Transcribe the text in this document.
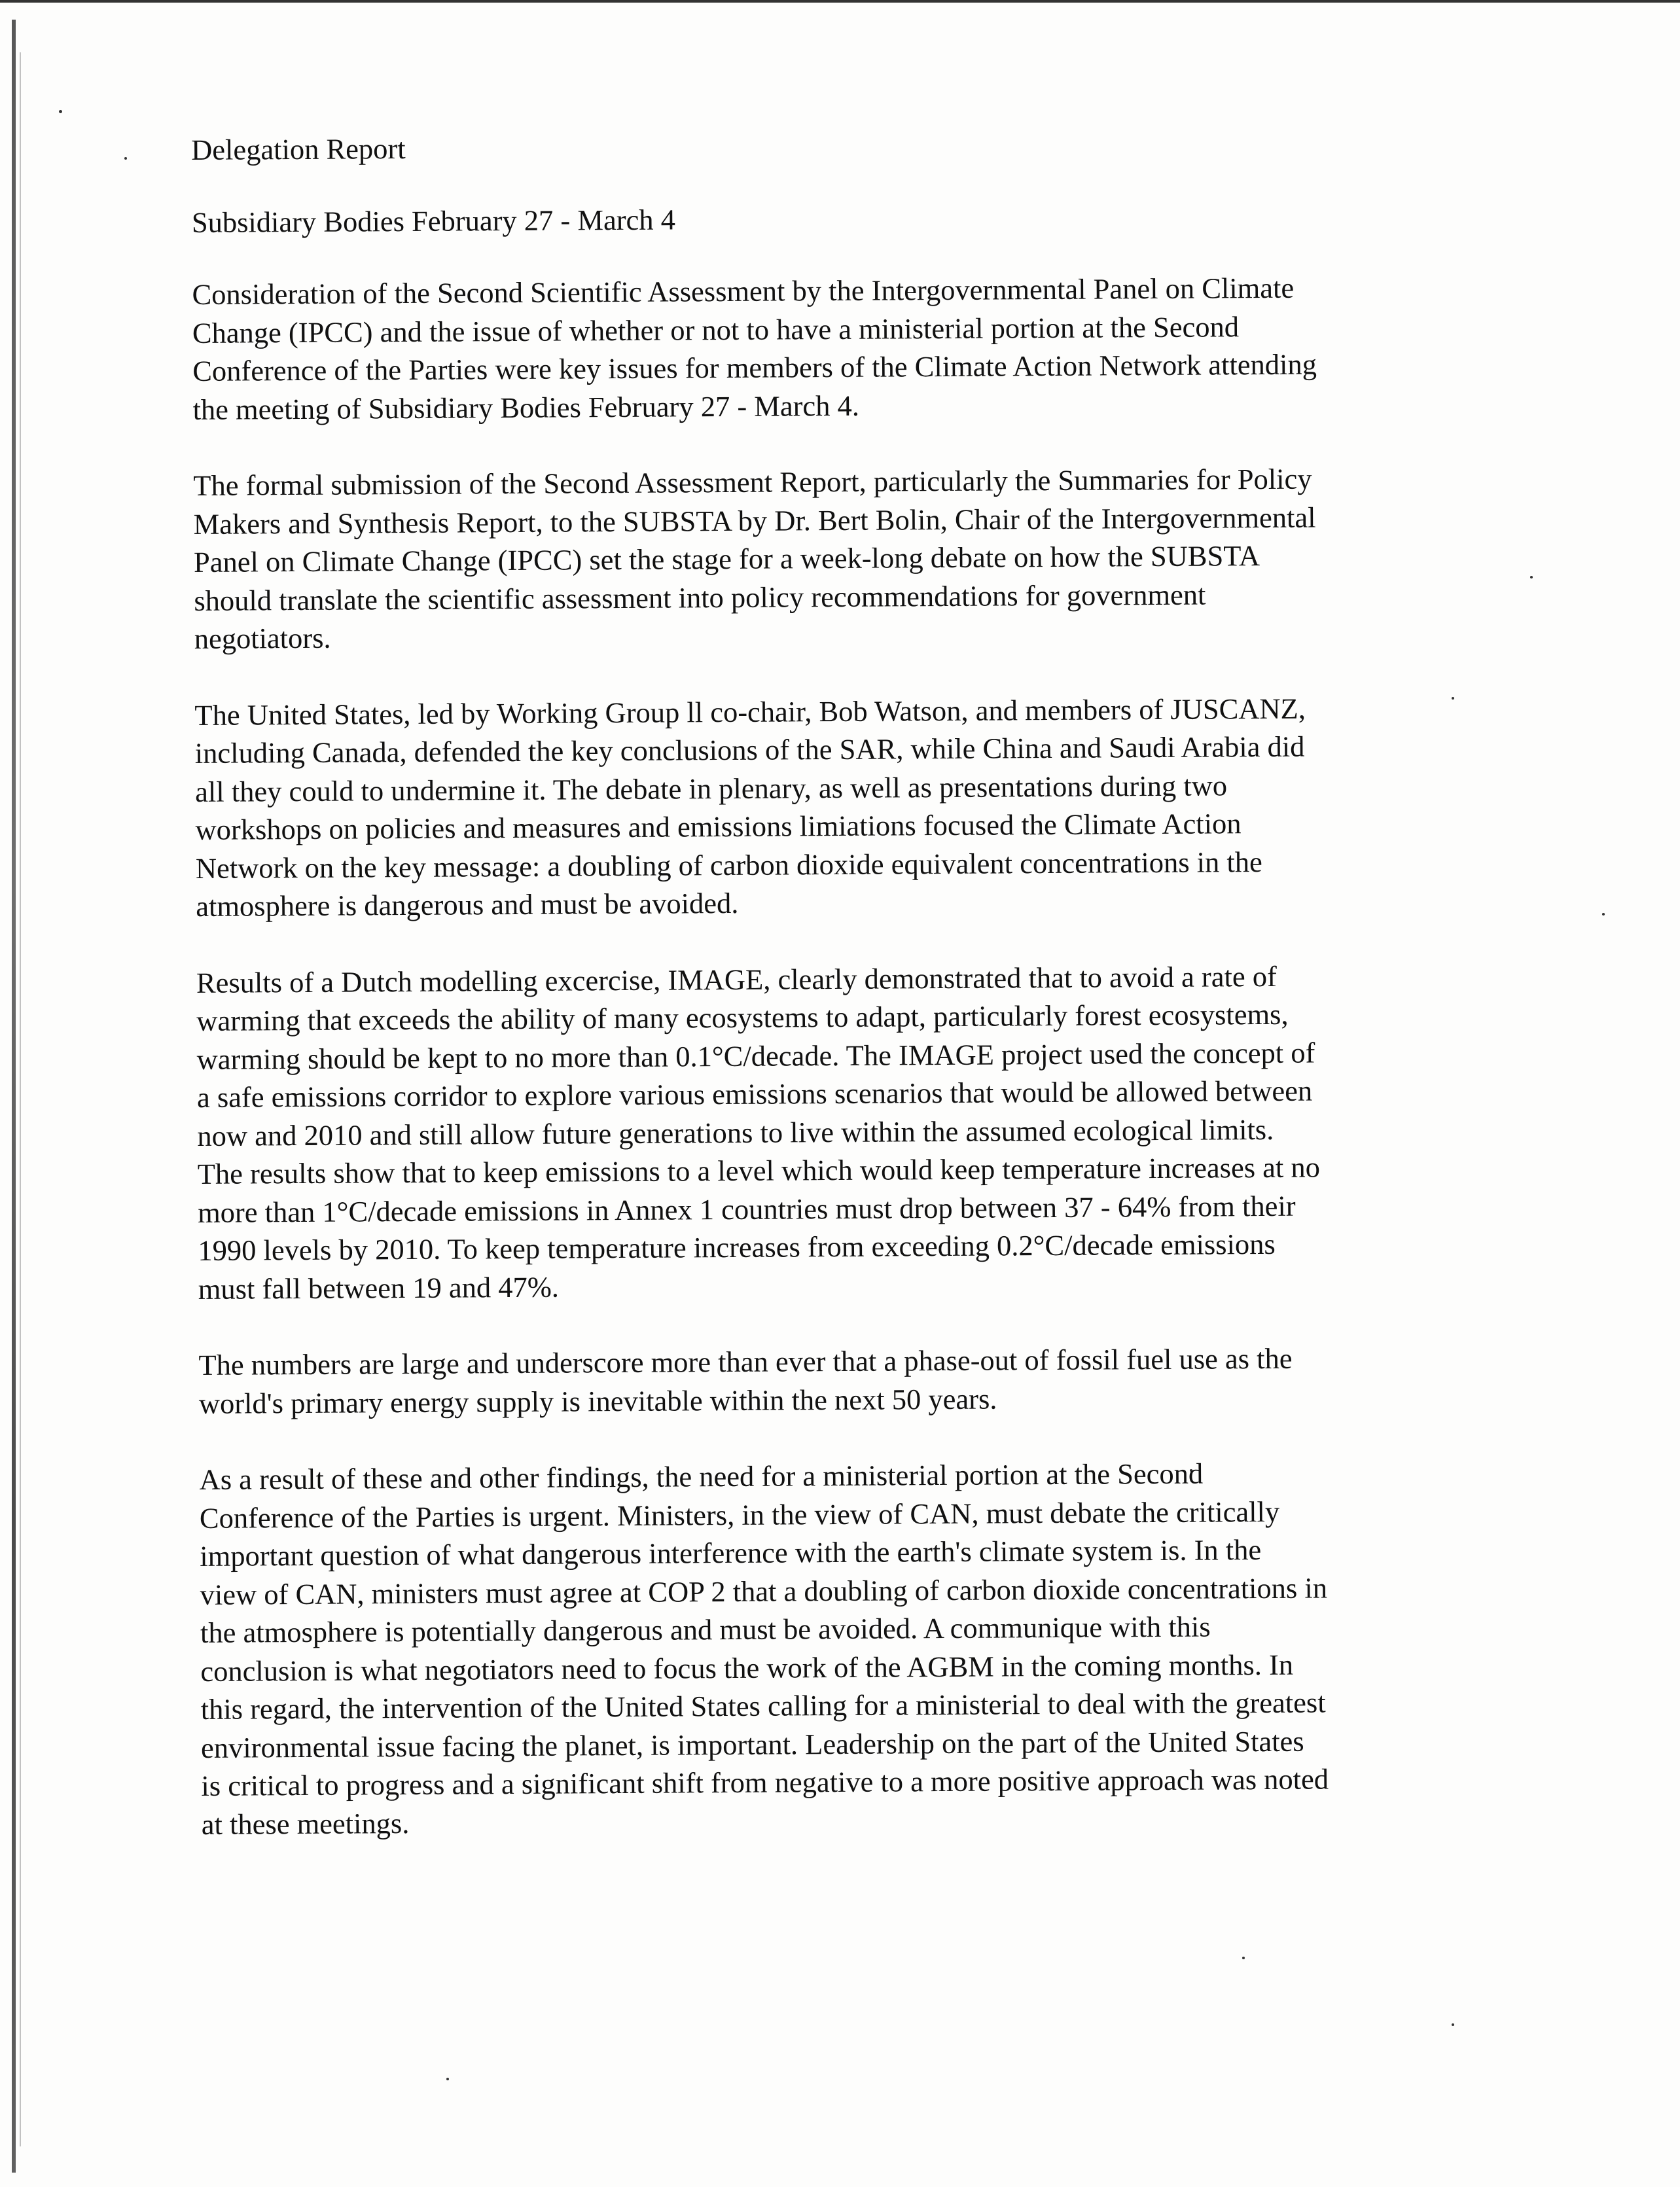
Delegation Report

Subsidiary Bodies February 27 - March 4

Consideration of the Second Scientific Assessment by the Intergovernmental Panel on Climate
Change (IPCC) and the issue of whether or not to have a ministerial portion at the Second
Conference of the Parties were key issues for members of the Climate Action Network attending
the meeting of Subsidiary Bodies February 27 - March 4.
The formal submission of the Second Assessment Report, particularly the Summaries for Policy
Makers and Synthesis Report, to the SUBSTA by Dr. Bert Bolin, Chair of the Intergovernmental
Panel on Climate Change (IPCC) set the stage for a week-long debate on how the SUBSTA
should translate the scientific assessment into policy recommendations for government
negotiators.
The United States, led by Working Group ll co-chair, Bob Watson, and members of JUSCANZ,
including Canada, defended the key conclusions of the SAR, while China and Saudi Arabia did
all they could to undermine it. The debate in plenary, as well as presentations during two
workshops on policies and measures and emissions limiations focused the Climate Action
Network on the key message: a doubling of carbon dioxide equivalent concentrations in the
atmosphere is dangerous and must be avoided.
Results of a Dutch modelling excercise, IMAGE, clearly demonstrated that to avoid a rate of
warming that exceeds the ability of many ecosystems to adapt, particularly forest ecosystems,
warming should be kept to no more than 0.1°C/decade. The IMAGE project used the concept of
a safe emissions corridor to explore various emissions scenarios that would be allowed between
now and 2010 and still allow future generations to live within the assumed ecological limits.
The results show that to keep emissions to a level which would keep temperature increases at no
more than 1°C/decade emissions in Annex 1 countries must drop between 37 - 64% from their
1990 levels by 2010. To keep temperature increases from exceeding 0.2°C/decade emissions
must fall between 19 and 47%.
The numbers are large and underscore more than ever that a phase-out of fossil fuel use as the
world's primary energy supply is inevitable within the next 50 years.
As a result of these and other findings, the need for a ministerial portion at the Second
Conference of the Parties is urgent. Ministers, in the view of CAN, must debate the critically
important question of what dangerous interference with the earth's climate system is. In the
view of CAN, ministers must agree at COP 2 that a doubling of carbon dioxide concentrations in
the atmosphere is potentially dangerous and must be avoided. A communique with this
conclusion is what negotiators need to focus the work of the AGBM in the coming months. In
this regard, the intervention of the United States calling for a ministerial to deal with the greatest
environmental issue facing the planet, is important. Leadership on the part of the United States
is critical to progress and a significant shift from negative to a more positive approach was noted
at these meetings.
